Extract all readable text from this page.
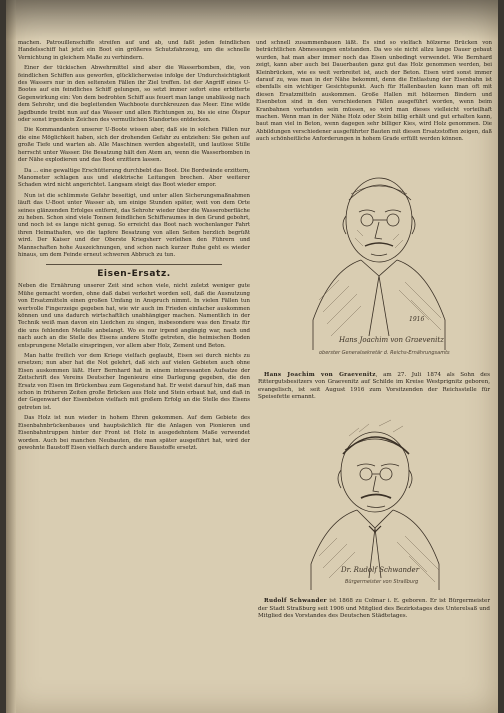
machen. Patrouillenschiffe streifen auf und ab, und faßt jeden feindlichen Handelsschiff hat jetzt ein Boot ein größeres Schutzfahrzeug, um die schnelle Vernichtung in gleichem Maße zu verhindern.

Einer der tückischen Abwehrmittel sind aber die Wasserbomben, die, von feindlichen Schiffen aus geworfen, glücklicherweise infolge der Undurchsichtigkeit des Wassers nur in den seltensten Fällen ihr Ziel treffen. Ist der Angriff eines U-Bootes auf ein feindliches Schiff gelungen, so setzt immer sofort eine erbitterte Gegenwirkung ein: Von dem bedrohten Schiff aus feuert man lange unablässig nach dem Sehrohr, und die begleitenden Wachboote durchkreuzen das Meer. Eine wilde Jagdbunde treibt nun auf das Wasser und allen Richtungen zu, bis sie eine Ölspur oder sonst irgendein Zeichen des vermutlichen Standortes entdecken.

Die Kommandanten unserer U-Boote wissen aber, daß sie in solchen Fällen nur die eine Möglichkeit haben, sich der drohenden Gefahr zu entziehen: Sie gehen auf große Tiefe und warten ab. Alle Maschinen werden abgestellt, und lautlose Stille herrscht unter Wasser. Die Besatzung hält den Atem an, wenn die Wasserbomben in der Nähe explodieren und das Boot erzittern lassen.

Da ... eine gewaltige Erschütterung durchbebt das Boot. Die Bordwände erzittern, Manometer schlagen aus und elektrische Leitungen brechen. Aber weiterer Schaden wird nicht angerichtet. Langsam steigt das Boot wieder empor.

Nun ist die schlimmste Gefahr beseitigt, und unter allen Sicherungsmaßnahmen läuft das U-Boot unter Wasser ab, um einige Stunden später, weit von dem Orte seines glänzenden Erfolges entfernt, das Sehrohr wieder über die Wasseroberfläche zu heben. Schon sind viele Tonnen feindlichen Schiffsraumes in den Grund gebohrt, und noch ist es lange nicht genug. So erreicht das Boot nach wochenlanger Fahrt ihren Heimathafen, wo die tapfere Besatzung von allen Seiten herzlich begrüßt wird. Der Kaiser und der Oberste Kriegsherr verleihen den Führern und Mannschaften hohe Auszeichnungen, und schon nach kurzer Ruhe geht es wieder hinaus, um dem Feinde erneut schweren Abbruch zu tun.

Eisen-Ersatz.

Neben die Ernährung unserer Zeit sind schon viele, nicht zuletzt weniger gute Mühe gemacht worden, ohne daß dabei verkehrt worden soll, daß die Ausnutzung von Ersatzmitteln einen großen Umfang in Anspruch nimmt. In vielen Fällen tun wertvolle Fingerzeige gegeben hat, wie wir auch im Frieden einfacher auskommen können und uns dadurch wirtschaftlich unabhängiger machen. Namentlich in der Technik weiß man davon ein Liedchen zu singen, insbesondere was den Ersatz für die uns fehlenden Metalle anbelangt. Wo es nur irgend angängig war, nach und nach auch an die Stelle des Eisens andere Stoffe getreten, die heimischen Boden entsprungene Metalle einspringen, vor allem aber Holz, Zement und Beton.

Man hatte freilich vor dem Kriege vielfach geglaubt, Eisen sei durch nichts zu ersetzen; nun aber hat die Not gelehrt, daß sich auf vielen Gebieten auch ohne Eisen auskommen läßt. Herr Bernhard hat in einem interessanten Aufsatze der Zeitschrift des Vereins Deutscher Ingenieure eine Darlegung gegeben, die den Ersatz von Eisen im Brückenbau zum Gegenstand hat. Er weist darauf hin, daß man schon in früheren Zeiten große Brücken aus Holz und Stein erbaut hat, und daß in der Gegenwart der Eisenbeton vielfach mit großem Erfolg an die Stelle des Eisens getreten ist.

Das Holz ist nun wieder in hohem Ehren gekommen. Auf dem Gebiete des Eisenbahnbrückenbaues und hauptsächlich für die Anlagen von Pionieren und Eisenbahntruppen hinter der Front ist Holz in ausgedehntem Maße verwendet worden. Auch bei manchen Neubauten, die man später ausgeführt hat, wird der gewohnte Baustoff Eisen vielfach durch andere Baustoffe ersetzt.

und schnell zusammenbauen läßt. Es sind so vielfach hölzerne Brücken von beträchtlichen Abmessungen entstanden. Da wo sie nicht allzu lange Dauer gebaut wurden, hat man aber immer noch das Eisen unbedingt verwendet. Wie Bernhard zeigt, kann aber auch bei Dauerbauten ganz gut das Holz genommen werden, bei Kleinbrücken, wie es weit verbreitet ist, auch der Beton. Eisen wird sonst immer darauf zu, was man in der Nähe bekommt, denn die Entlastung der Eisenbahn ist ebenfalls ein wichtiger Gesichtspunkt. Auch für Hallenbauten kann man oft mit diesen Ersatzmitteln auskommen. Große Hallen mit hölzernen Bindern und Eisenbeton sind in den verschiedenen Fällen ausgeführt worden, wenn beim Kranbahnen vorhanden sein müssen, so wird man dieses vielleicht vorteilhaft machen. Wenn man in der Nähe Holz oder Stein billig erhält und gut erhalten kann, baut man viel in Beton, wenn dagegen sehr billiger Kies, wird Holz genommen. Die Abbildungen verschiedener ausgeführter Bauten mit diesen Ersatzstoffen zeigen, daß auch schönheitliche Anforderungen in hohem Grade erfüllt werden können.

Hans Joachim von Graevenitz
1916
oberster Generalsekretär d. Reichs-Ernährungsamts

Hans Joachim von Graevenitz, am 27. Juli 1874 als Sohn des Rittergutsbesitzers von Graevenitz auf Schilde im Kreise Westprignitz geboren, evangelisch, ist seit August 1916 zum Vorsitzenden der Reichsstelle für Speisefette ernannt.

Dr. Rudolf Schwander
Bürgermeister von Straßburg

Rudolf Schwander ist 1868 zu Colmar i. E. geboren. Er ist Bürgermeister der Stadt Straßburg seit 1906 und Mitglied des Bezirkstages des Unterelsaß und Mitglied des Vorstandes des Deutschen Städtetages.
